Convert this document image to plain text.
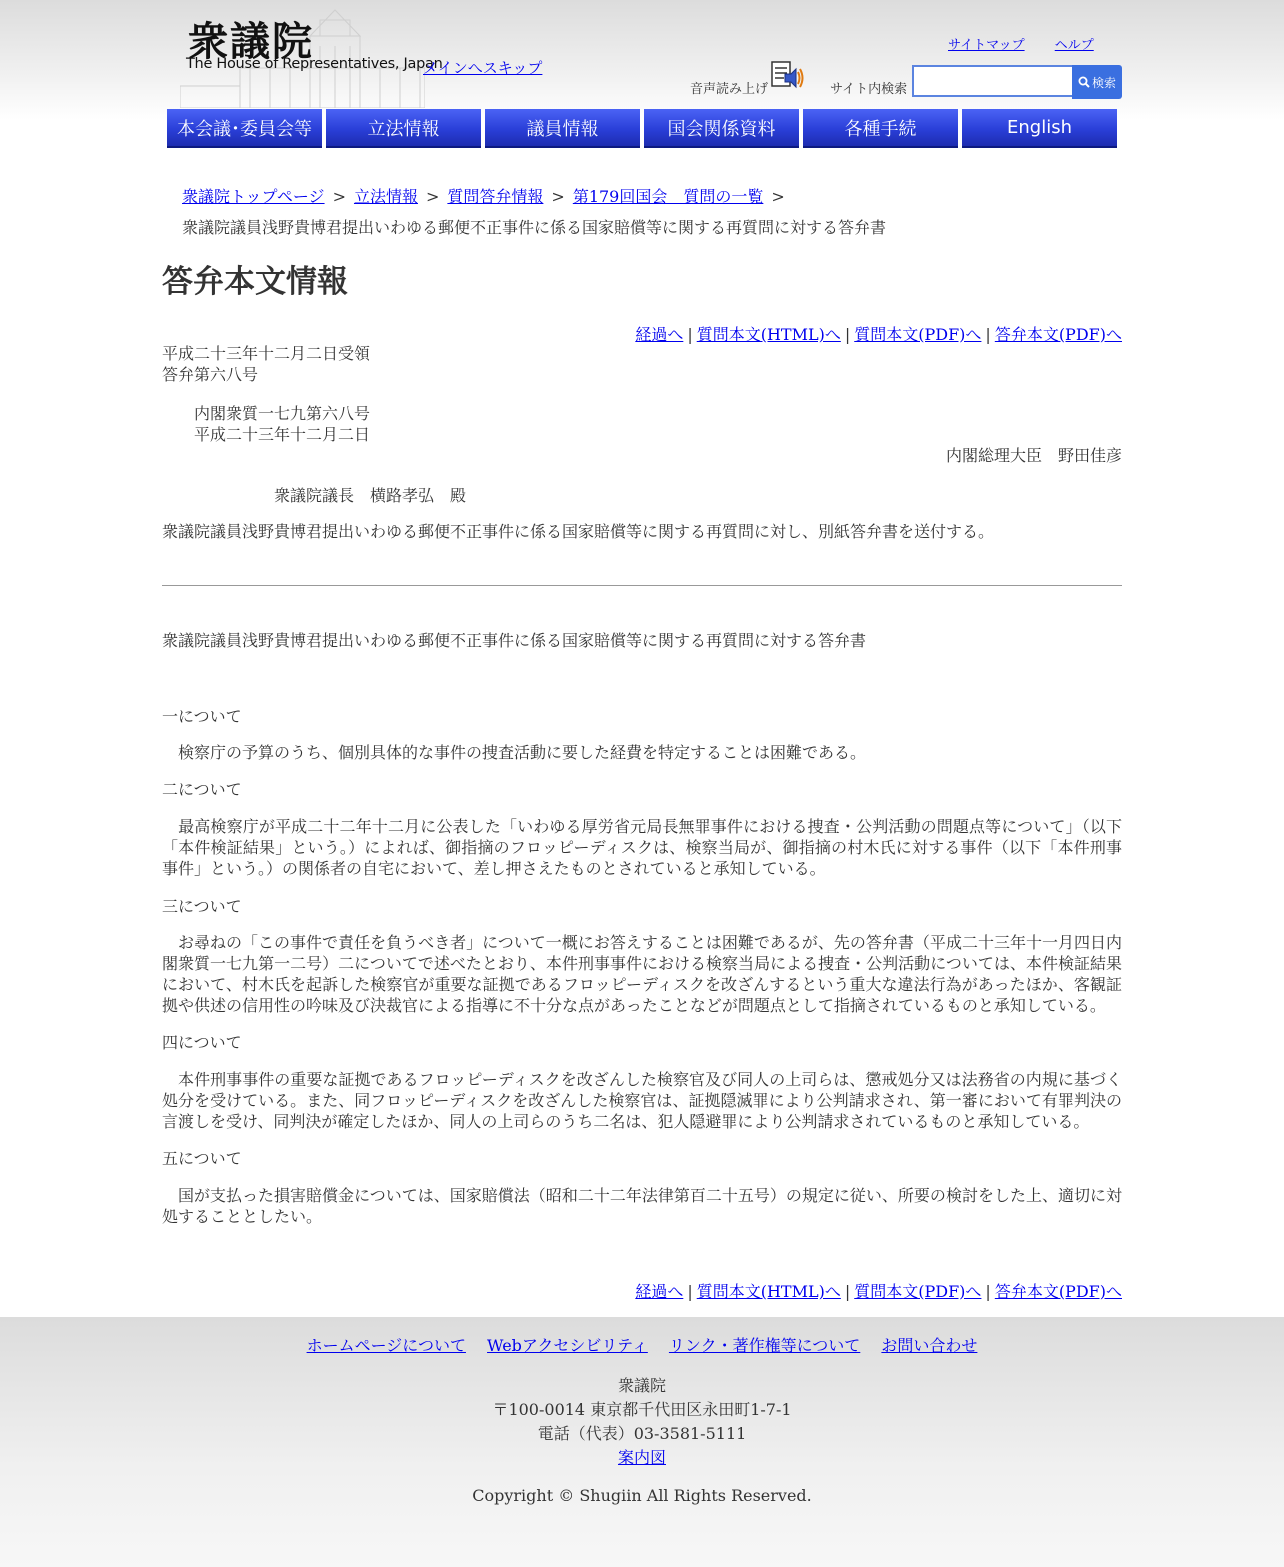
衆議院
The House of Representatives, Japan
メインへスキップ
サイトマップ ヘルプ
音声読み上げ	サイト内検索	検索
本会議･委員会等	立法情報	議員情報	国会関係資料	各種手続	English
衆議院トップページ > 立法情報 > 質問答弁情報 > 第179回国会　質問の一覧 >
衆議院議員浅野貴博君提出いわゆる郵便不正事件に係る国家賠償等に関する再質問に対する答弁書
答弁本文情報
経過へ | 質問本文(HTML)へ | 質問本文(PDF)へ | 答弁本文(PDF)へ
平成二十三年十二月二日受領
答弁第六八号
内閣衆質一七九第六八号
平成二十三年十二月二日
内閣総理大臣　野田佳彦
衆議院議長　横路孝弘　殿
衆議院議員浅野貴博君提出いわゆる郵便不正事件に係る国家賠償等に関する再質問に対し、別紙答弁書を送付する。
衆議院議員浅野貴博君提出いわゆる郵便不正事件に係る国家賠償等に関する再質問に対する答弁書
一について
　検察庁の予算のうち、個別具体的な事件の捜査活動に要した経費を特定することは困難である。
二について
　最高検察庁が平成二十二年十二月に公表した「いわゆる厚労省元局長無罪事件における捜査・公判活動の問題点等について」（以下「本件検証結果」という。）によれば、御指摘のフロッピーディスクは、検察当局が、御指摘の村木氏に対する事件（以下「本件刑事事件」という。）の関係者の自宅において、差し押さえたものとされていると承知している。
三について
　お尋ねの「この事件で責任を負うべき者」について一概にお答えすることは困難であるが、先の答弁書（平成二十三年十一月四日内閣衆質一七九第一二号）二についてで述べたとおり、本件刑事事件における検察当局による捜査・公判活動については、本件検証結果において、村木氏を起訴した検察官が重要な証拠であるフロッピーディスクを改ざんするという重大な違法行為があったほか、客観証拠や供述の信用性の吟味及び決裁官による指導に不十分な点があったことなどが問題点として指摘されているものと承知している。
四について
　本件刑事事件の重要な証拠であるフロッピーディスクを改ざんした検察官及び同人の上司らは、懲戒処分又は法務省の内規に基づく処分を受けている。また、同フロッピーディスクを改ざんした検察官は、証拠隠滅罪により公判請求され、第一審において有罪判決の言渡しを受け、同判決が確定したほか、同人の上司らのうち二名は、犯人隠避罪により公判請求されているものと承知している。
五について
　国が支払った損害賠償金については、国家賠償法（昭和二十二年法律第百二十五号）の規定に従い、所要の検討をした上、適切に対処することとしたい。
経過へ | 質問本文(HTML)へ | 質問本文(PDF)へ | 答弁本文(PDF)へ
ホームページについて Webアクセシビリティ リンク・著作権等について お問い合わせ
衆議院
〒100-0014 東京都千代田区永田町1-7-1
電話（代表）03-3581-5111
案内図
Copyright © Shugiin All Rights Reserved.
